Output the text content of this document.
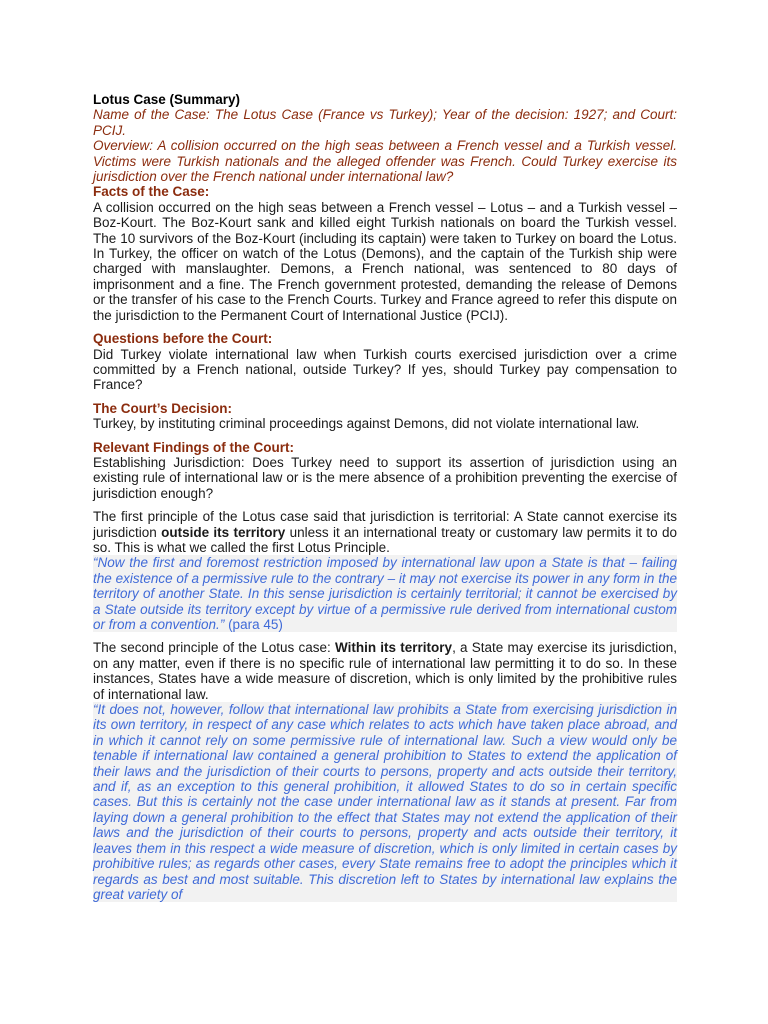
Lotus Case (Summary)

Name of the Case: The Lotus Case (France vs Turkey); Year of the decision: 1927; and Court: PCIJ.

Overview: A collision occurred on the high seas between a French vessel and a Turkish vessel. Victims were Turkish nationals and the alleged offender was French. Could Turkey exercise its jurisdiction over the French national under international law?

Facts of the Case:

A collision occurred on the high seas between a French vessel – Lotus – and a Turkish vessel – Boz-Kourt. The Boz-Kourt sank and killed eight Turkish nationals on board the Turkish vessel. The 10 survivors of the Boz-Kourt (including its captain) were taken to Turkey on board the Lotus. In Turkey, the officer on watch of the Lotus (Demons), and the captain of the Turkish ship were charged with manslaughter. Demons, a French national, was sentenced to 80 days of imprisonment and a fine. The French government protested, demanding the release of Demons or the transfer of his case to the French Courts. Turkey and France agreed to refer this dispute on the jurisdiction to the Permanent Court of International Justice (PCIJ).

Questions before the Court:

Did Turkey violate international law when Turkish courts exercised jurisdiction over a crime committed by a French national, outside Turkey? If yes, should Turkey pay compensation to France?

The Court’s Decision:

Turkey, by instituting criminal proceedings against Demons, did not violate international law.

Relevant Findings of the Court:

Establishing Jurisdiction: Does Turkey need to support its assertion of jurisdiction using an existing rule of international law or is the mere absence of a prohibition preventing the exercise of jurisdiction enough?

The first principle of the Lotus case said that jurisdiction is territorial: A State cannot exercise its jurisdiction outside its territory unless it an international treaty or customary law permits it to do so. This is what we called the first Lotus Principle.

“Now the first and foremost restriction imposed by international law upon a State is that – failing the existence of a permissive rule to the contrary – it may not exercise its power in any form in the territory of another State. In this sense jurisdiction is certainly territorial; it cannot be exercised by a State outside its territory except by virtue of a permissive rule derived from international custom or from a convention.” (para 45)

The second principle of the Lotus case: Within its territory, a State may exercise its jurisdiction, on any matter, even if there is no specific rule of international law permitting it to do so. In these instances, States have a wide measure of discretion, which is only limited by the prohibitive rules of international law.

“It does not, however, follow that international law prohibits a State from exercising jurisdiction in its own territory, in respect of any case which relates to acts which have taken place abroad, and in which it cannot rely on some permissive rule of international law. Such a view would only be tenable if international law contained a general prohibition to States to extend the application of their laws and the jurisdiction of their courts to persons, property and acts outside their territory, and if, as an exception to this general prohibition, it allowed States to do so in certain specific cases. But this is certainly not the case under international law as it stands at present. Far from laying down a general prohibition to the effect that States may not extend the application of their laws and the jurisdiction of their courts to persons, property and acts outside their territory, it leaves them in this respect a wide measure of discretion, which is only limited in certain cases by prohibitive rules; as regards other cases, every State remains free to adopt the principles which it regards as best and most suitable. This discretion left to States by international law explains the great variety of
